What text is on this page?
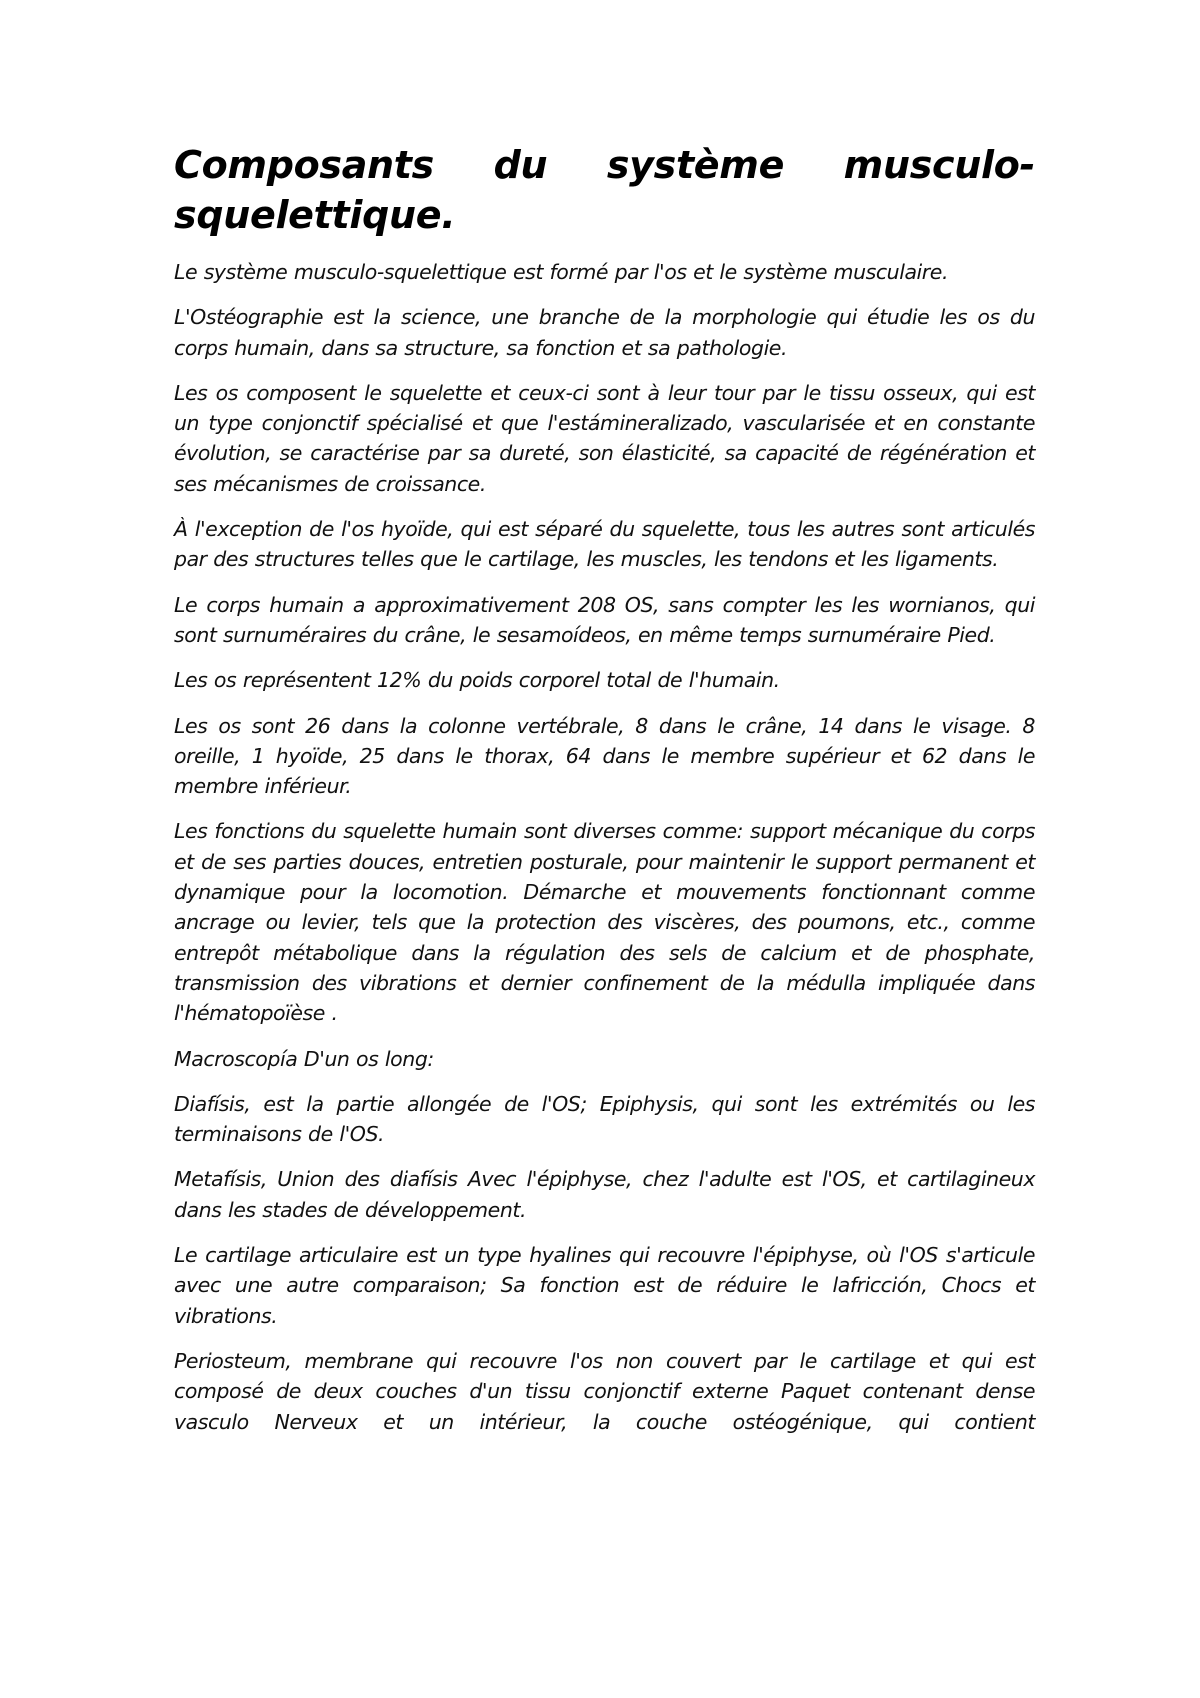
Composants du système musculo-squelettique.

Le système musculo-squelettique est formé par l'os et le système musculaire.

L'Ostéographie est la science, une branche de la morphologie qui étudie les os du corps humain, dans sa structure, sa fonction et sa pathologie.

Les os composent le squelette et ceux-ci sont à leur tour par le tissu osseux, qui est un type conjonctif spécialisé et que l'estámineralizado, vascularisée et en constante évolution, se caractérise par sa dureté, son élasticité, sa capacité de régénération et ses mécanismes de croissance.

À l'exception de l'os hyoïde, qui est séparé du squelette, tous les autres sont articulés par des structures telles que le cartilage, les muscles, les tendons et les ligaments.

Le corps humain a approximativement 208 OS, sans compter les les wornianos, qui sont surnuméraires du crâne, le sesamoídeos, en même temps surnuméraire Pied.

Les os représentent 12% du poids corporel total de l'humain.

Les os sont 26 dans la colonne vertébrale, 8 dans le crâne, 14 dans le visage. 8 oreille, 1 hyoïde, 25 dans le thorax, 64 dans le membre supérieur et 62 dans le membre inférieur.

Les fonctions du squelette humain sont diverses comme: support mécanique du corps et de ses parties douces, entretien posturale, pour maintenir le support permanent et dynamique pour la locomotion. Démarche et mouvements fonctionnant comme ancrage ou levier, tels que la protection des viscères, des poumons, etc., comme entrepôt métabolique dans la régulation des sels de calcium et de phosphate, transmission des vibrations et dernier confinement de la médulla impliquée dans l'hématopoïèse .

Macroscopía D'un os long:

Diafísis, est la partie allongée de l'OS; Epiphysis, qui sont les extrémités ou les terminaisons de l'OS.

Metafísis, Union des diafísis Avec l'épiphyse, chez l'adulte est l'OS, et cartilagineux dans les stades de développement.

Le cartilage articulaire est un type hyalines qui recouvre l'épiphyse, où l'OS s'articule avec une autre comparaison; Sa fonction est de réduire le lafricción, Chocs et vibrations.

Periosteum, membrane qui recouvre l'os non couvert par le cartilage et qui est composé de deux couches d'un tissu conjonctif externe Paquet contenant dense vasculo Nerveux et un intérieur, la couche ostéogénique, qui contient
